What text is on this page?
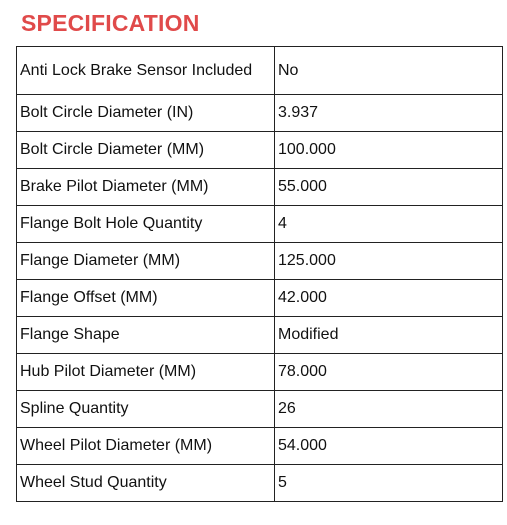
SPECIFICATION
Anti Lock Brake Sensor Included	No
Bolt Circle Diameter (IN)	3.937
Bolt Circle Diameter (MM)	100.000
Brake Pilot Diameter (MM)	55.000
Flange Bolt Hole Quantity	4
Flange Diameter (MM)	125.000
Flange Offset (MM)	42.000
Flange Shape	Modified
Hub Pilot Diameter (MM)	78.000
Spline Quantity	26
Wheel Pilot Diameter (MM)	54.000
Wheel Stud Quantity	5
